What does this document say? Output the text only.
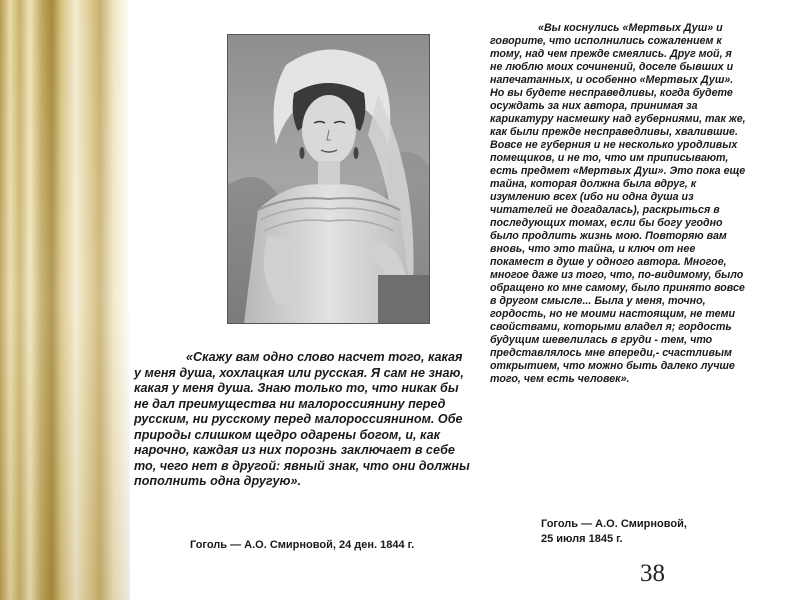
«Скажу вам одно слово насчет того, какая у меня душа, хохлацкая или русская. Я сам не знаю, какая у меня душа. Знаю только то, что никак бы не дал преимущества ни малороссиянину перед русским, ни русскому перед малороссиянином. Обе природы слишком щедро одарены богом, и, как нарочно, каждая из них порознь заключает в себе то, чего нет в другой: явный знак, что они должны пополнить одна другую».

Гоголь — А.О. Смирновой, 24 ден. 1844 г.

«Вы коснулись «Мертвых Душ» и говорите, что исполнились сожалением к тому, над чем прежде смеялись. Друг мой, я не люблю моих сочинений, доселе бывших и напечатанных, и особенно «Мертвых Душ». Но вы будете несправедливы, когда будете осуждать за них автора, принимая за карикатуру насмешку над губерниями, так же, как были прежде несправедливы, хвалившие. Вовсе не губерния и не несколько уродливых помещиков, и не то, что им приписывают, есть предмет «Мертвых Душ». Это пока еще тайна, которая должна была вдруг, к изумлению всех (ибо ни одна душа из читателей не догадалась), раскрыться в последующих томах, если бы богу угодно было продлить жизнь мою. Повторяю вам вновь, что это тайна, и ключ от нее покамест в душе у одного автора. Многое, многое даже из того, что, по-видимому, было обращено ко мне самому, было принято вовсе в другом смысле... Была у меня, точно, гордость, но не моими настоящим, не теми свойствами, которыми владел я; гордость будущим шевелилась в груди - тем, что представлялось мне впереди,- счастливым открытием, что можно быть далеко лучше того, чем есть человек».

Гоголь — А.О. Смирновой,
25 июля 1845 г.

38
